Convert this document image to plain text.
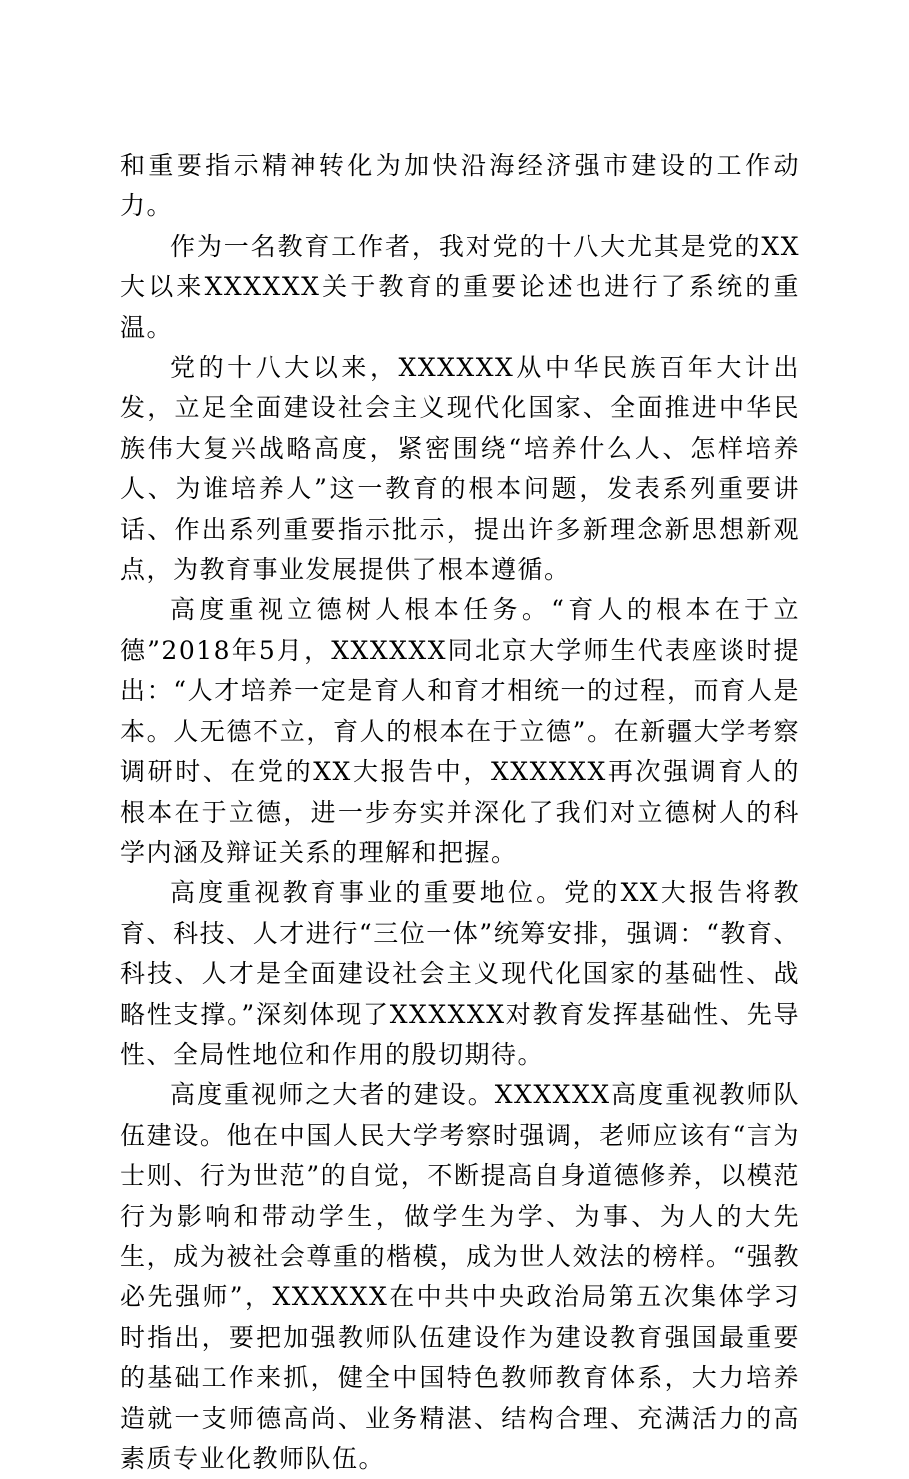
和重要指示精神转化为加快沿海经济强市建设的工作动力。

作为一名教育工作者，我对党的十八大尤其是党的XX大以来XXXXXX关于教育的重要论述也进行了系统的重温。

党的十八大以来，XXXXXX从中华民族百年大计出发，立足全面建设社会主义现代化国家、全面推进中华民族伟大复兴战略高度，紧密围绕“培养什么人、怎样培养人、为谁培养人”这一教育的根本问题，发表系列重要讲话、作出系列重要指示批示，提出许多新理念新思想新观点，为教育事业发展提供了根本遵循。

高度重视立德树人根本任务。“育人的根本在于立德”2018年5月，XXXXXX同北京大学师生代表座谈时提出：“人才培养一定是育人和育才相统一的过程，而育人是本。人无德不立，育人的根本在于立德”。在新疆大学考察调研时、在党的XX大报告中，XXXXXX再次强调育人的根本在于立德，进一步夯实并深化了我们对立德树人的科学内涵及辩证关系的理解和把握。

高度重视教育事业的重要地位。党的XX大报告将教育、科技、人才进行“三位一体”统筹安排，强调：“教育、科技、人才是全面建设社会主义现代化国家的基础性、战略性支撑。”深刻体现了XXXXXX对教育发挥基础性、先导性、全局性地位和作用的殷切期待。

高度重视师之大者的建设。XXXXXX高度重视教师队伍建设。他在中国人民大学考察时强调，老师应该有“言为士则、行为世范”的自觉，不断提高自身道德修养，以模范行为影响和带动学生，做学生为学、为事、为人的大先生，成为被社会尊重的楷模，成为世人效法的榜样。“强教必先强师”，XXXXXX在中共中央政治局第五次集体学习时指出，要把加强教师队伍建设作为建设教育强国最重要的基础工作来抓，健全中国特色教师教育体系，大力培养造就一支师德高尚、业务精湛、结构合理、充满活力的高素质专业化教师队伍。
